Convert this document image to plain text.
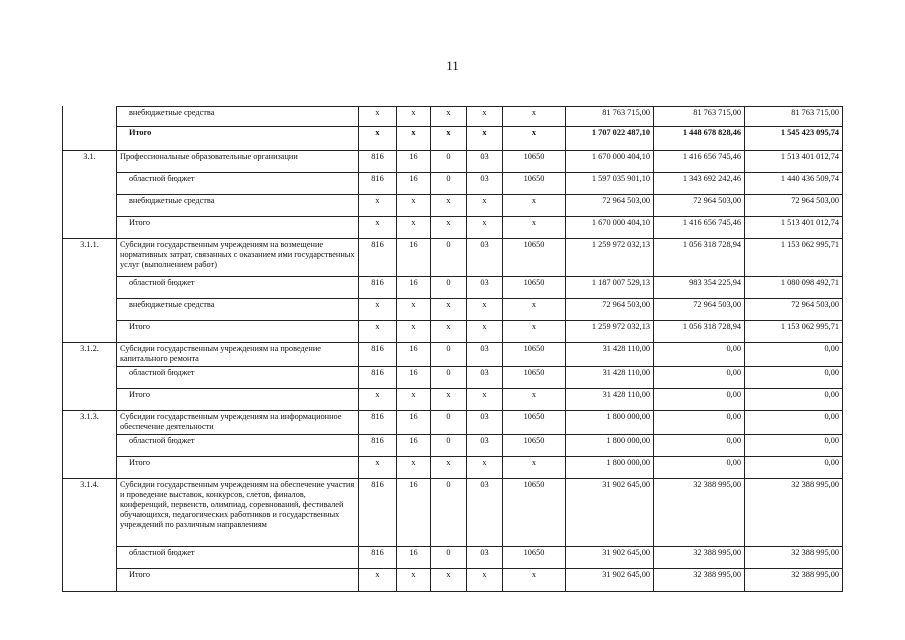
11
	внебюджетные средства	x	x	x	x	x	81 763 715,00	81 763 715,00	81 763 715,00
	Итого	x	x	x	x	x	1 707 022 487,10	1 448 678 828,46	1 545 423 095,74
3.1.	Профессиональные образовательные организации	816	16	0	03	10650	1 670 000 404,10	1 416 656 745,46	1 513 401 012,74
	областной бюджет	816	16	0	03	10650	1 597 035 901,10	1 343 692 242,46	1 440 436 509,74
	внебюджетные средства	x	x	x	x	x	72 964 503,00	72 964 503,00	72 964 503,00
	Итого	x	x	x	x	x	1 670 000 404,10	1 416 656 745,46	1 513 401 012,74
3.1.1.	Субсидии государственным учреждениям на возмещение нормативных затрат, связанных с оказанием ими государственных услуг (выполнением работ)	816	16	0	03	10650	1 259 972 032,13	1 056 318 728,94	1 153 062 995,71
	областной бюджет	816	16	0	03	10650	1 187 007 529,13	983 354 225,94	1 080 098 492,71
	внебюджетные средства	x	x	x	x	x	72 964 503,00	72 964 503,00	72 964 503,00
	Итого	x	x	x	x	x	1 259 972 032,13	1 056 318 728,94	1 153 062 995,71
3.1.2.	Субсидии государственным учреждениям на проведение капитального ремонта	816	16	0	03	10650	31 428 110,00	0,00	0,00
	областной бюджет	816	16	0	03	10650	31 428 110,00	0,00	0,00
	Итого	x	x	x	x	x	31 428 110,00	0,00	0,00
3.1.3.	Субсидии государственным учреждениям на информационное обеспечение деятельности	816	16	0	03	10650	1 800 000,00	0,00	0,00
	областной бюджет	816	16	0	03	10650	1 800 000,00	0,00	0,00
	Итого	x	x	x	x	x	1 800 000,00	0,00	0,00
3.1.4.	Субсидии государственным учреждениям на обеспечение участия и проведение выставок, конкурсов, слетов, финалов, конференций, первенств, олимпиад, соревнований, фестивалей обучающихся, педагогических работников и государственных учреждений по различным направлениям	816	16	0	03	10650	31 902 645,00	32 388 995,00	32 388 995,00
	областной бюджет	816	16	0	03	10650	31 902 645,00	32 388 995,00	32 388 995,00
	Итого	x	x	x	x	x	31 902 645,00	32 388 995,00	32 388 995,00
